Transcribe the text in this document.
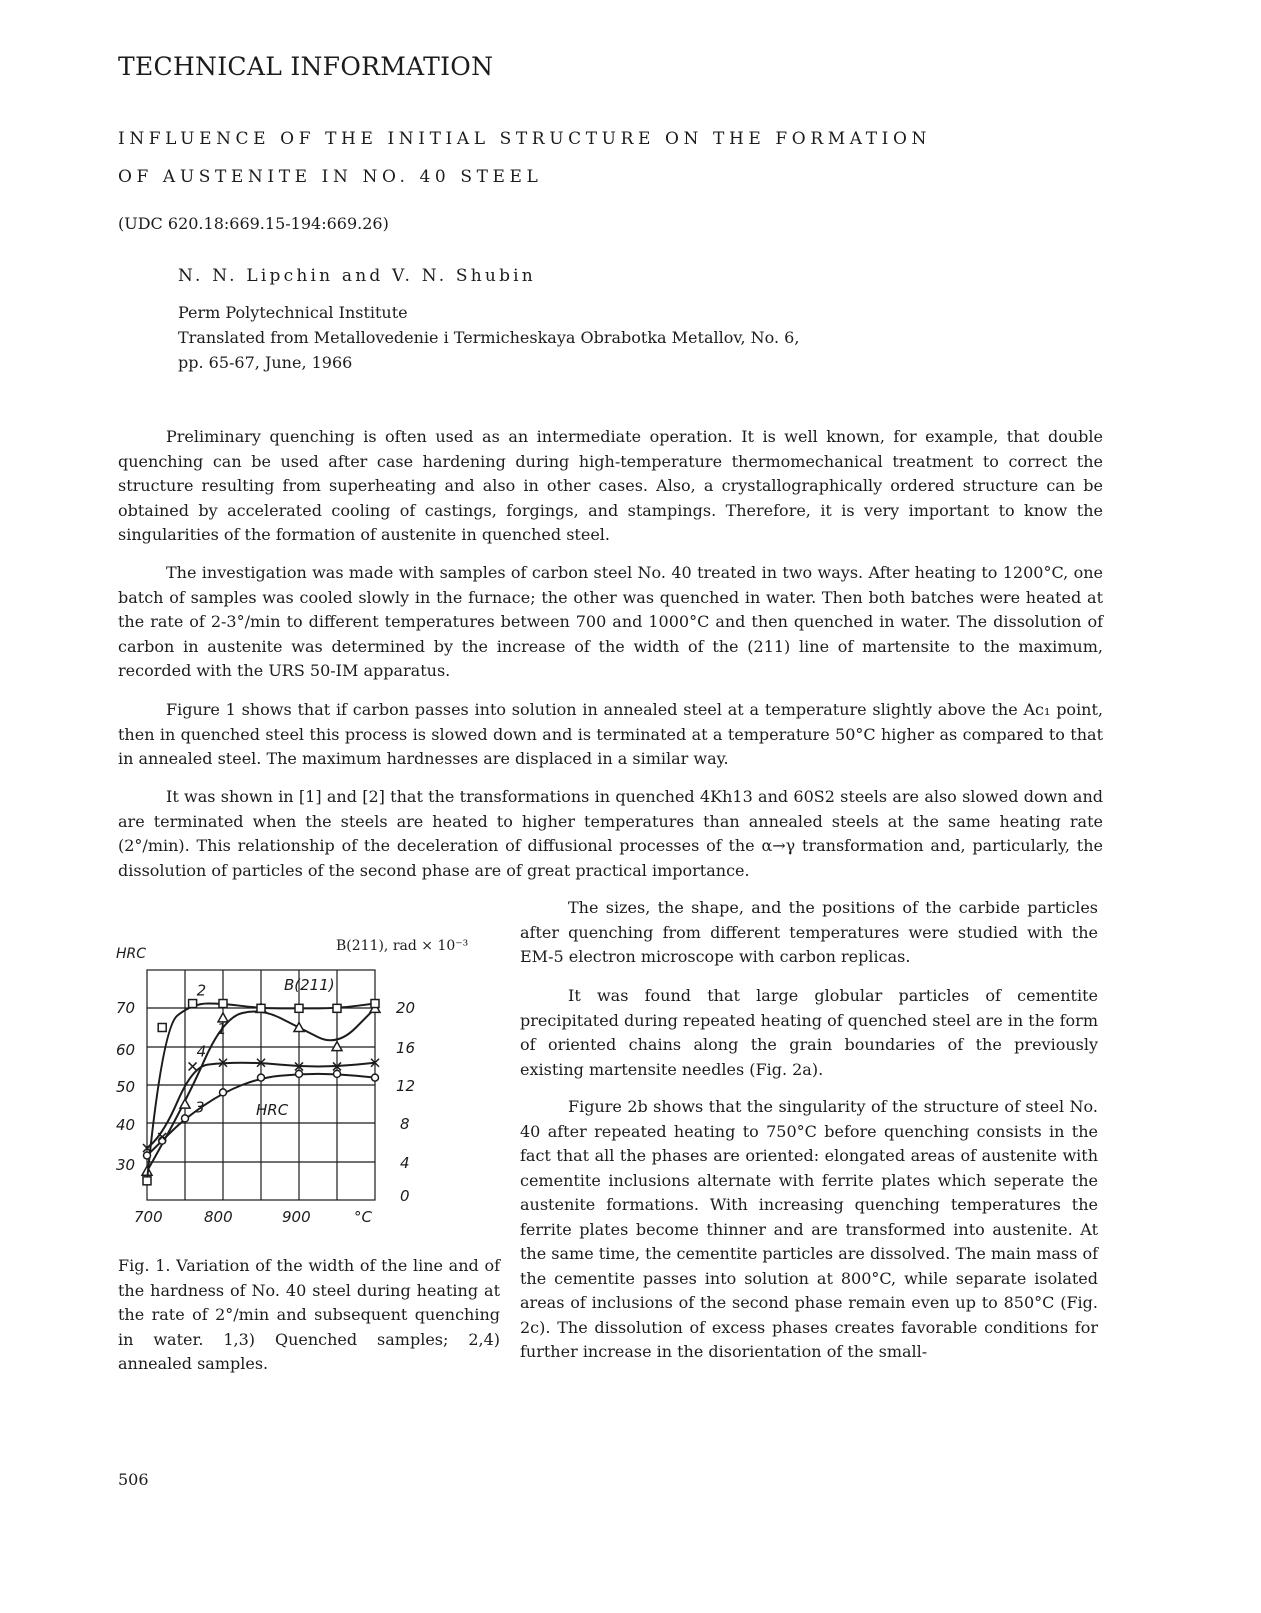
TECHNICAL INFORMATION
INFLUENCE OF THE INITIAL STRUCTURE ON THE FORMATION
OF AUSTENITE IN NO. 40 STEEL
(UDC 620.18:669.15-194:669.26)
N. N. Lipchin and V. N. Shubin
Perm Polytechnical Institute
Translated from Metallovedenie i Termicheskaya Obrabotka Metallov, No. 6,
pp. 65-67, June, 1966

Preliminary quenching is often used as an intermediate operation. It is well known, for example, that double quenching can be used after case hardening during high-temperature thermomechanical treatment to correct the structure resulting from superheating and also in other cases. Also, a crystallographically ordered structure can be obtained by accelerated cooling of castings, forgings, and stampings. Therefore, it is very important to know the singularities of the formation of austenite in quenched steel.

The investigation was made with samples of carbon steel No. 40 treated in two ways. After heating to 1200°C, one batch of samples was cooled slowly in the furnace; the other was quenched in water. Then both batches were heated at the rate of 2-3°/min to different temperatures between 700 and 1000°C and then quenched in water. The dissolution of carbon in austenite was determined by the increase of the width of the (211) line of martensite to the maximum, recorded with the URS 50-IM apparatus.

Figure 1 shows that if carbon passes into solution in annealed steel at a temperature slightly above the Ac₁ point, then in quenched steel this process is slowed down and is terminated at a temperature 50°C higher as compared to that in annealed steel. The maximum hardnesses are displaced in a similar way.

It was shown in [1] and [2] that the transformations in quenched 4Kh13 and 60S2 steels are also slowed down and are terminated when the steels are heated to higher temperatures than annealed steels at the same heating rate (2°/min). This relationship of the deceleration of diffusional processes of the α→γ transformation and, particularly, the dissolution of particles of the second phase are of great practical importance.

The sizes, the shape, and the positions of the carbide particles after quenching from different temperatures were studied with the EM-5 electron microscope with carbon replicas.

It was found that large globular particles of cementite precipitated during repeated heating of quenched steel are in the form of oriented chains along the grain boundaries of the previously existing martensite needles (Fig. 2a).

Figure 2b shows that the singularity of the structure of steel No. 40 after repeated heating to 750°C before quenching consists in the fact that all the phases are oriented: elongated areas of austenite with cementite inclusions alternate with ferrite plates which seperate the austenite formations. With increasing quenching temperatures the ferrite plates become thinner and are transformed into austenite. At the same time, the cementite particles are dissolved. The main mass of the cementite passes into solution at 800°C, while separate isolated areas of inclusions of the second phase remain even up to 850°C (Fig. 2c). The dissolution of excess phases creates favorable conditions for further increase in the disorientation of the small-

HRC	B(211), rad × 10⁻³
70
60
50
40
30
20
16
12
8
4
0
700	800	900	°C
B(211)
HRC
1
2
3
4

Fig. 1. Variation of the width of the line and of the hardness of No. 40 steel during heating at the rate of 2°/min and subsequent quenching in water. 1,3) Quenched samples; 2,4) annealed samples.

506
